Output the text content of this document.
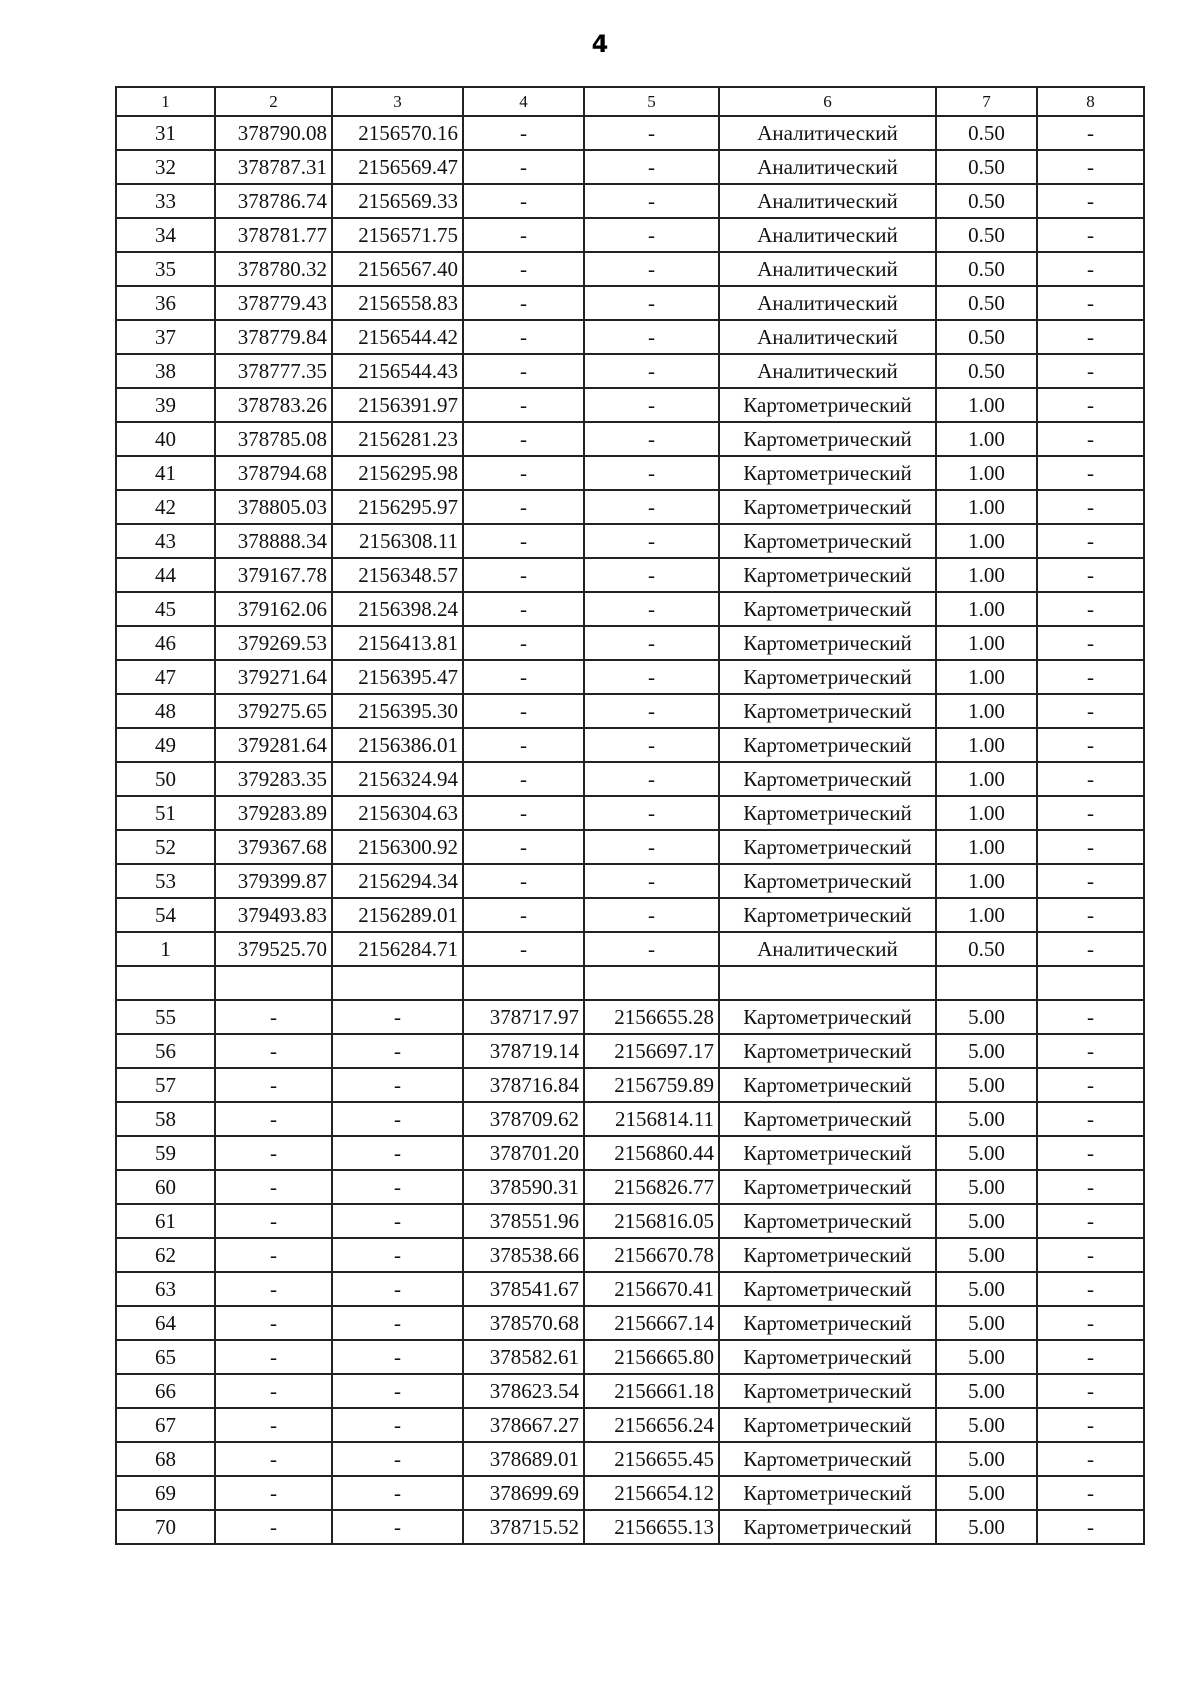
4
1	2	3	4	5	6	7	8
31	378790.08	2156570.16	-	-	Аналитический	0.50	-
32	378787.31	2156569.47	-	-	Аналитический	0.50	-
33	378786.74	2156569.33	-	-	Аналитический	0.50	-
34	378781.77	2156571.75	-	-	Аналитический	0.50	-
35	378780.32	2156567.40	-	-	Аналитический	0.50	-
36	378779.43	2156558.83	-	-	Аналитический	0.50	-
37	378779.84	2156544.42	-	-	Аналитический	0.50	-
38	378777.35	2156544.43	-	-	Аналитический	0.50	-
39	378783.26	2156391.97	-	-	Картометрический	1.00	-
40	378785.08	2156281.23	-	-	Картометрический	1.00	-
41	378794.68	2156295.98	-	-	Картометрический	1.00	-
42	378805.03	2156295.97	-	-	Картометрический	1.00	-
43	378888.34	2156308.11	-	-	Картометрический	1.00	-
44	379167.78	2156348.57	-	-	Картометрический	1.00	-
45	379162.06	2156398.24	-	-	Картометрический	1.00	-
46	379269.53	2156413.81	-	-	Картометрический	1.00	-
47	379271.64	2156395.47	-	-	Картометрический	1.00	-
48	379275.65	2156395.30	-	-	Картометрический	1.00	-
49	379281.64	2156386.01	-	-	Картометрический	1.00	-
50	379283.35	2156324.94	-	-	Картометрический	1.00	-
51	379283.89	2156304.63	-	-	Картометрический	1.00	-
52	379367.68	2156300.92	-	-	Картометрический	1.00	-
53	379399.87	2156294.34	-	-	Картометрический	1.00	-
54	379493.83	2156289.01	-	-	Картометрический	1.00	-
1	379525.70	2156284.71	-	-	Аналитический	0.50	-

55	-	-	378717.97	2156655.28	Картометрический	5.00	-
56	-	-	378719.14	2156697.17	Картометрический	5.00	-
57	-	-	378716.84	2156759.89	Картометрический	5.00	-
58	-	-	378709.62	2156814.11	Картометрический	5.00	-
59	-	-	378701.20	2156860.44	Картометрический	5.00	-
60	-	-	378590.31	2156826.77	Картометрический	5.00	-
61	-	-	378551.96	2156816.05	Картометрический	5.00	-
62	-	-	378538.66	2156670.78	Картометрический	5.00	-
63	-	-	378541.67	2156670.41	Картометрический	5.00	-
64	-	-	378570.68	2156667.14	Картометрический	5.00	-
65	-	-	378582.61	2156665.80	Картометрический	5.00	-
66	-	-	378623.54	2156661.18	Картометрический	5.00	-
67	-	-	378667.27	2156656.24	Картометрический	5.00	-
68	-	-	378689.01	2156655.45	Картометрический	5.00	-
69	-	-	378699.69	2156654.12	Картометрический	5.00	-
70	-	-	378715.52	2156655.13	Картометрический	5.00	-
